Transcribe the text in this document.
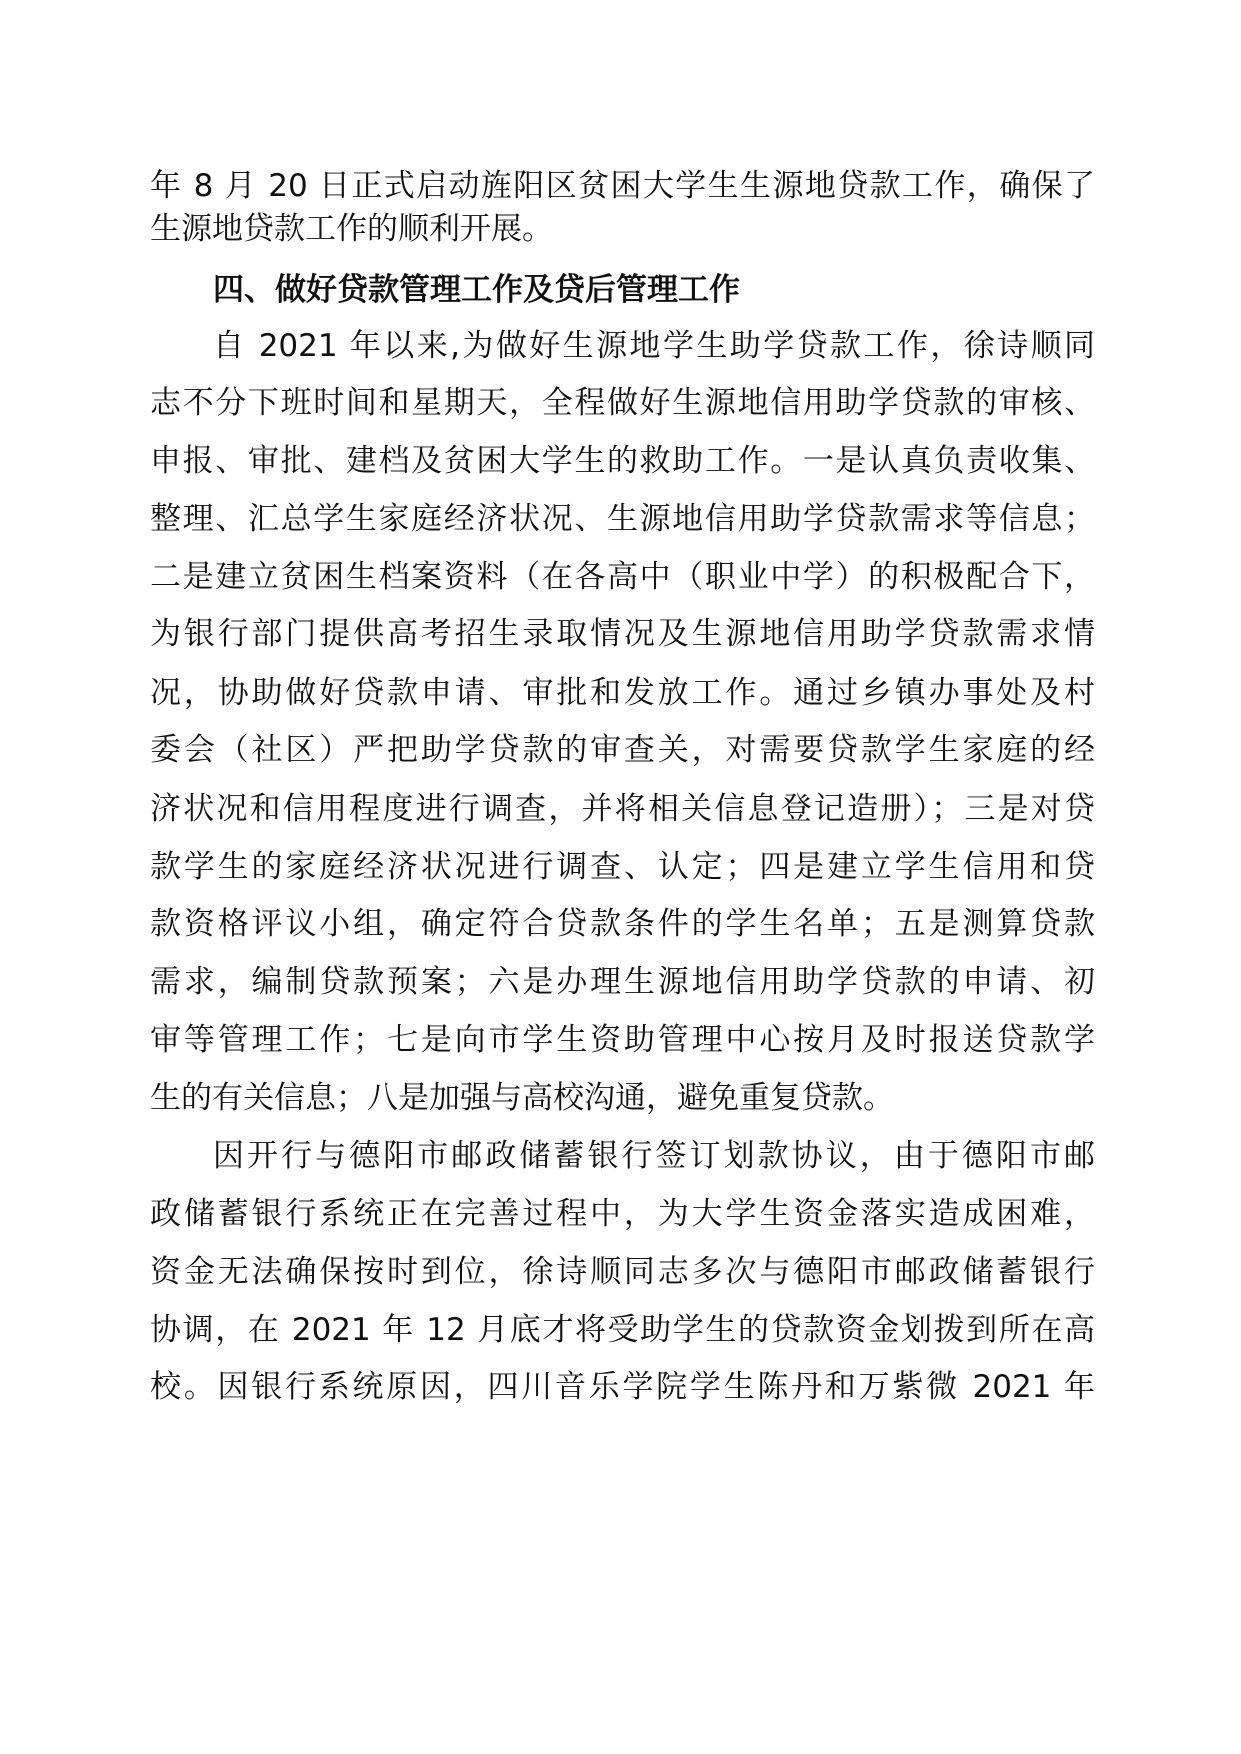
年 8 月 20 日正式启动旌阳区贫困大学生生源地贷款工作，确保了
生源地贷款工作的顺利开展。
四、做好贷款管理工作及贷后管理工作
自 2021 年以来,为做好生源地学生助学贷款工作，徐诗顺同
志不分下班时间和星期天，全程做好生源地信用助学贷款的审核、
申报、审批、建档及贫困大学生的救助工作。一是认真负责收集、
整理、汇总学生家庭经济状况、生源地信用助学贷款需求等信息；
二是建立贫困生档案资料（在各高中（职业中学）的积极配合下，
为银行部门提供高考招生录取情况及生源地信用助学贷款需求情
况，协助做好贷款申请、审批和发放工作。通过乡镇办事处及村
委会（社区）严把助学贷款的审查关，对需要贷款学生家庭的经
济状况和信用程度进行调查，并将相关信息登记造册）；三是对贷
款学生的家庭经济状况进行调查、认定；四是建立学生信用和贷
款资格评议小组，确定符合贷款条件的学生名单；五是测算贷款
需求，编制贷款预案；六是办理生源地信用助学贷款的申请、初
审等管理工作；七是向市学生资助管理中心按月及时报送贷款学
生的有关信息；八是加强与高校沟通，避免重复贷款。
因开行与德阳市邮政储蓄银行签订划款协议，由于德阳市邮
政储蓄银行系统正在完善过程中，为大学生资金落实造成困难，
资金无法确保按时到位，徐诗顺同志多次与德阳市邮政储蓄银行
协调，在 2021 年 12 月底才将受助学生的贷款资金划拨到所在高
校。因银行系统原因，四川音乐学院学生陈丹和万紫微 2021 年
